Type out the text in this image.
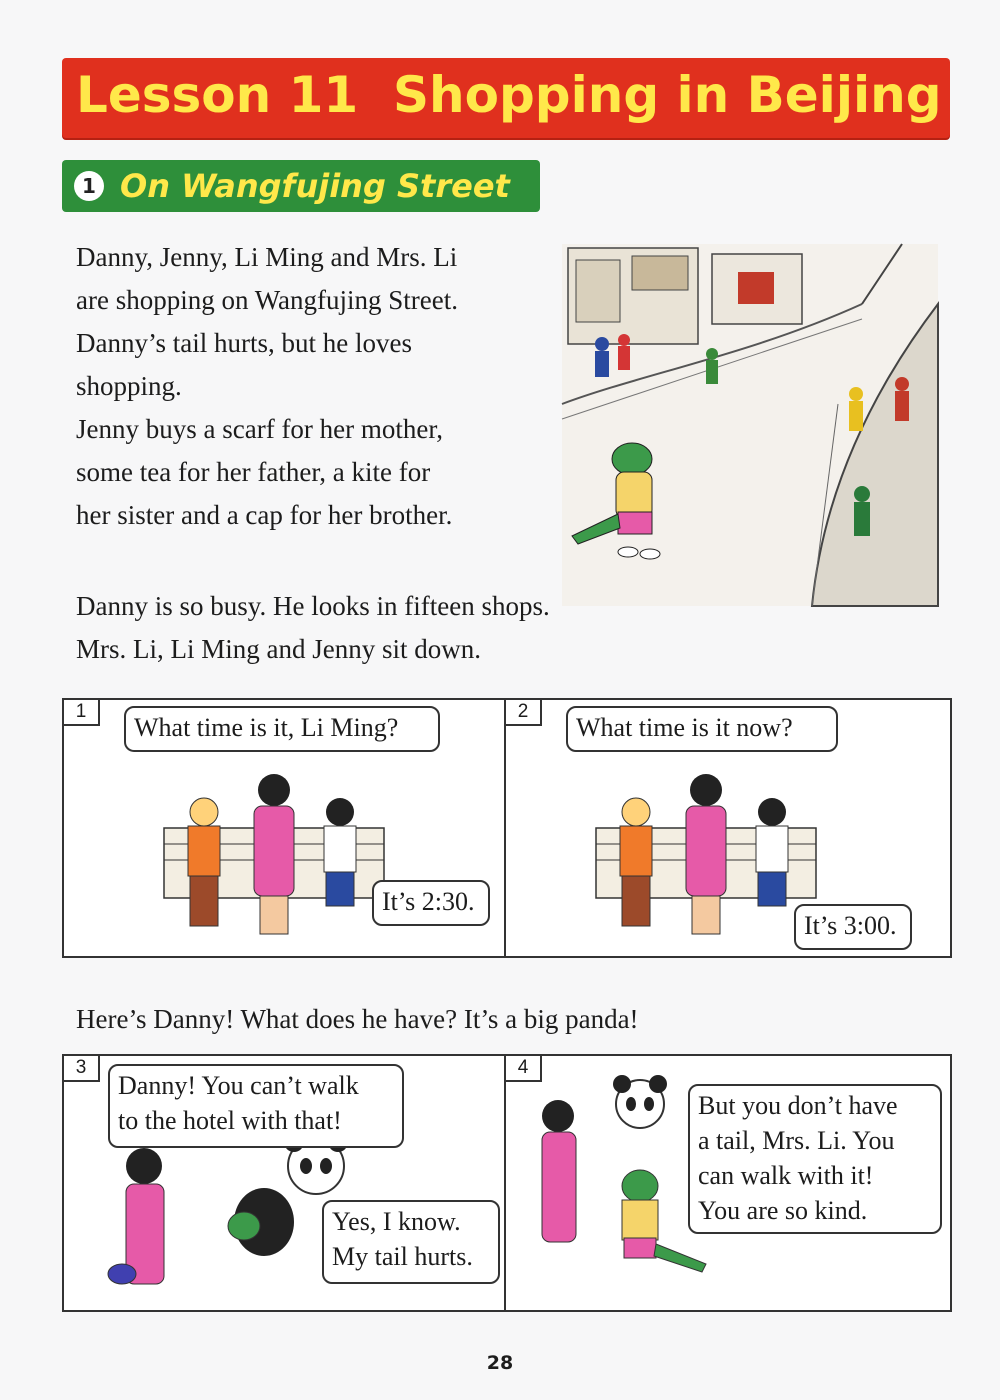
Lesson 11  Shopping in Beijing
1 On Wangfujing Street

Danny, Jenny, Li Ming and Mrs. Li

are shopping on Wangfujing Street.

Danny’s tail hurts, but he loves

shopping.

Jenny buys a scarf for her mother,

some tea for her father, a kite for

her sister and a cap for her brother.

Danny is so busy. He looks in fifteen shops.

Mrs. Li, Li Ming and Jenny sit down.

1

What time is it, Li Ming?

It’s 2:30.

2

What time is it now?

It’s 3:00.

Here’s Danny! What does he have? It’s a big panda!

3

Danny! You can’t walk

to the hotel with that!

Yes, I know.

My tail hurts.

4

But you don’t have

a tail, Mrs. Li. You

can walk with it!

You are so kind.

28
